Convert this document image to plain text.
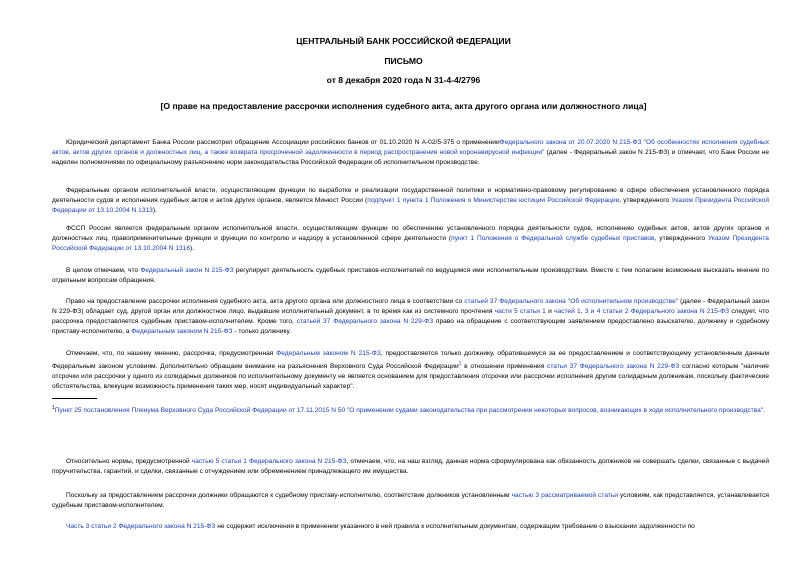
ЦЕНТРАЛЬНЫЙ БАНК РОССИЙСКОЙ ФЕДЕРАЦИИ
ПИСЬМО
от 8 декабря 2020 года N 31-4-4/2796
[О праве на предоставление рассрочки исполнения судебного акта, акта другого органа или должностного лица]

Юридический департамент Банка России рассмотрел обращение Ассоциации российских банков от 01.10.2020 N А-02/5-375 о примененииФедерального закона от 20.07.2020 N 215-ФЗ "Об особенностях исполнения судебных актов, актов других органов и должностных лиц, а также возврата просроченной задолженности в период распространения новой коронавирусной инфекции" (далее - Федеральный закон N 215-ФЗ) и отмечает, что Банк России не наделен полномочиями по официальному разъяснению норм законодательства Российской Федерации об исполнительном производстве.

Федеральным органом исполнительной власти, осуществляющим функции по выработке и реализации государственной политики и нормативно-правовому регулированию в сфере обеспечения установленного порядка деятельности судов и исполнения судебных актов и актов других органов, является Минюст России (подпункт 1 пункта 1 Положения о Министерстве юстиции Российской Федерации, утвержденного Указом Президента Российской Федерации от 13.10.2004 N 1313).

ФССП России является федеральным органом исполнительной власти, осуществляющим функции по обеспечению установленного порядка деятельности судов, исполнению судебных актов, актов других органов и должностных лиц, правоприменительные функции и функции по контролю и надзору в установленной сфере деятельности (пункт 1 Положения о Федеральной службе судебных приставов, утвержденного Указом Президента Российской Федерации от 13.10.2004 N 1316).

В целом отмечаем, что Федеральный закон N 215-ФЗ регулирует деятельность судебных приставов-исполнителей по ведущимся ими исполнительным производствам. Вместе с тем полагаем возможным высказать мнение по отдельным вопросам обращения.

Право на предоставление рассрочки исполнения судебного акта, акта другого органа или должностного лица в соответствии со статьей 37 Федерального закона "Об исполнительном производстве" (далее - Федеральный закон N 229-ФЗ) обладает суд, другой орган или должностное лицо, выдавшие исполнительный документ, в то время как из системного прочтения части 5 статьи 1 и частей 1, 3 и 4 статьи 2 Федерального закона N 215-ФЗ следует, что рассрочка предоставляется судебным приставом-исполнителем. Кроме того, статьей 37 Федерального закона N 229-ФЗ право на обращение с соответствующим заявлением предоставлено взыскателю, должнику и судебному приставу-исполнителю, а Федеральным законом N 215-ФЗ - только должнику.

Отмечаем, что, по нашему мнению, рассрочка, предусмотренная Федеральным законом N 215-ФЗ, предоставляется только должнику, обратившемуся за ее предоставлением и соответствующему установленным данным Федеральным законом условиям. Дополнительно обращаем внимание на разъяснения Верховного Суда Российской Федерации$^1$ в отношении применения статьи 37 Федерального закона N 229-ФЗ согласно которым "наличие отсрочки или рассрочки у одного из солидарных должников по исполнительному документу не является основанием для предоставления отсрочки или рассрочки исполнения другим солидарным должникам, поскольку фактические обстоятельства, влекущие возможность применения таких мер, носят индивидуальный характер".

$^1$Пункт 25 постановления Пленума Верховного Суда Российской Федерации от 17.11.2015 N 50 "О применении судами законодательства при рассмотрении некоторых вопросов, возникающих в ходе исполнительного производства".

Относительно нормы, предусмотренной частью 5 статьи 1 Федерального закона N 215-ФЗ, отмечаем, что, на наш взгляд, данная норма сформулирована как обязанность должников не совершать сделки, связанные с выдачей поручительства, гарантий, и сделки, связанные с отчуждением или обременением принадлежащего им имущества.

Поскольку за предоставлением рассрочки должники обращаются к судебному приставу-исполнителю, соответствие должников установленным частью 3 рассматриваемой статьи условиям, как представляется, устанавливается судебным приставом-исполнителем.

Часть 3 статьи 2 Федерального закона N 215-ФЗ не содержит исключения в применении указанного в ней правила к исполнительным документам, содержащим требование о взыскании задолженности по
